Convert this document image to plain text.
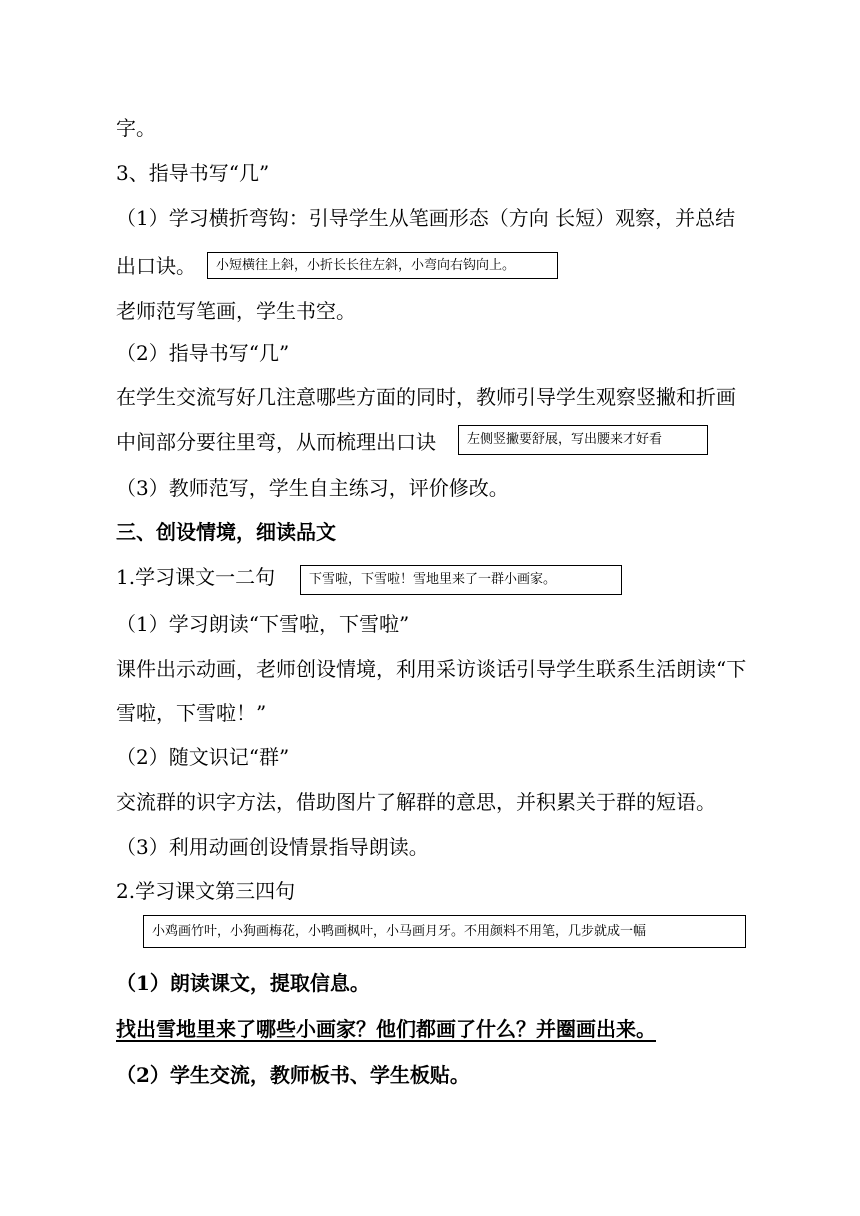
字。
3、指导书写“几”
（1）学习横折弯钩：引导学生从笔画形态（方向 长短）观察，并总结
出口诀。	小短横往上斜，小折长长往左斜，小弯向右钩向上。
老师范写笔画，学生书空。
（2）指导书写“几”
在学生交流写好几注意哪些方面的同时，教师引导学生观察竖撇和折画
中间部分要往里弯，从而梳理出口诀	左侧竖撇要舒展，写出腰来才好看
（3）教师范写，学生自主练习，评价修改。
三、创设情境，细读品文
1.学习课文一二句	下雪啦，下雪啦！雪地里来了一群小画家。
（1）学习朗读“下雪啦，下雪啦”
课件出示动画，老师创设情境，利用采访谈话引导学生联系生活朗读“下
雪啦，下雪啦！”
（2）随文识记“群”
交流群的识字方法，借助图片了解群的意思，并积累关于群的短语。
（3）利用动画创设情景指导朗读。
2.学习课文第三四句
小鸡画竹叶，小狗画梅花，小鸭画枫叶，小马画月牙。不用颜料不用笔，几步就成一幅
（1）朗读课文，提取信息。
找出雪地里来了哪些小画家？他们都画了什么？并圈画出来。
（2）学生交流，教师板书、学生板贴。
